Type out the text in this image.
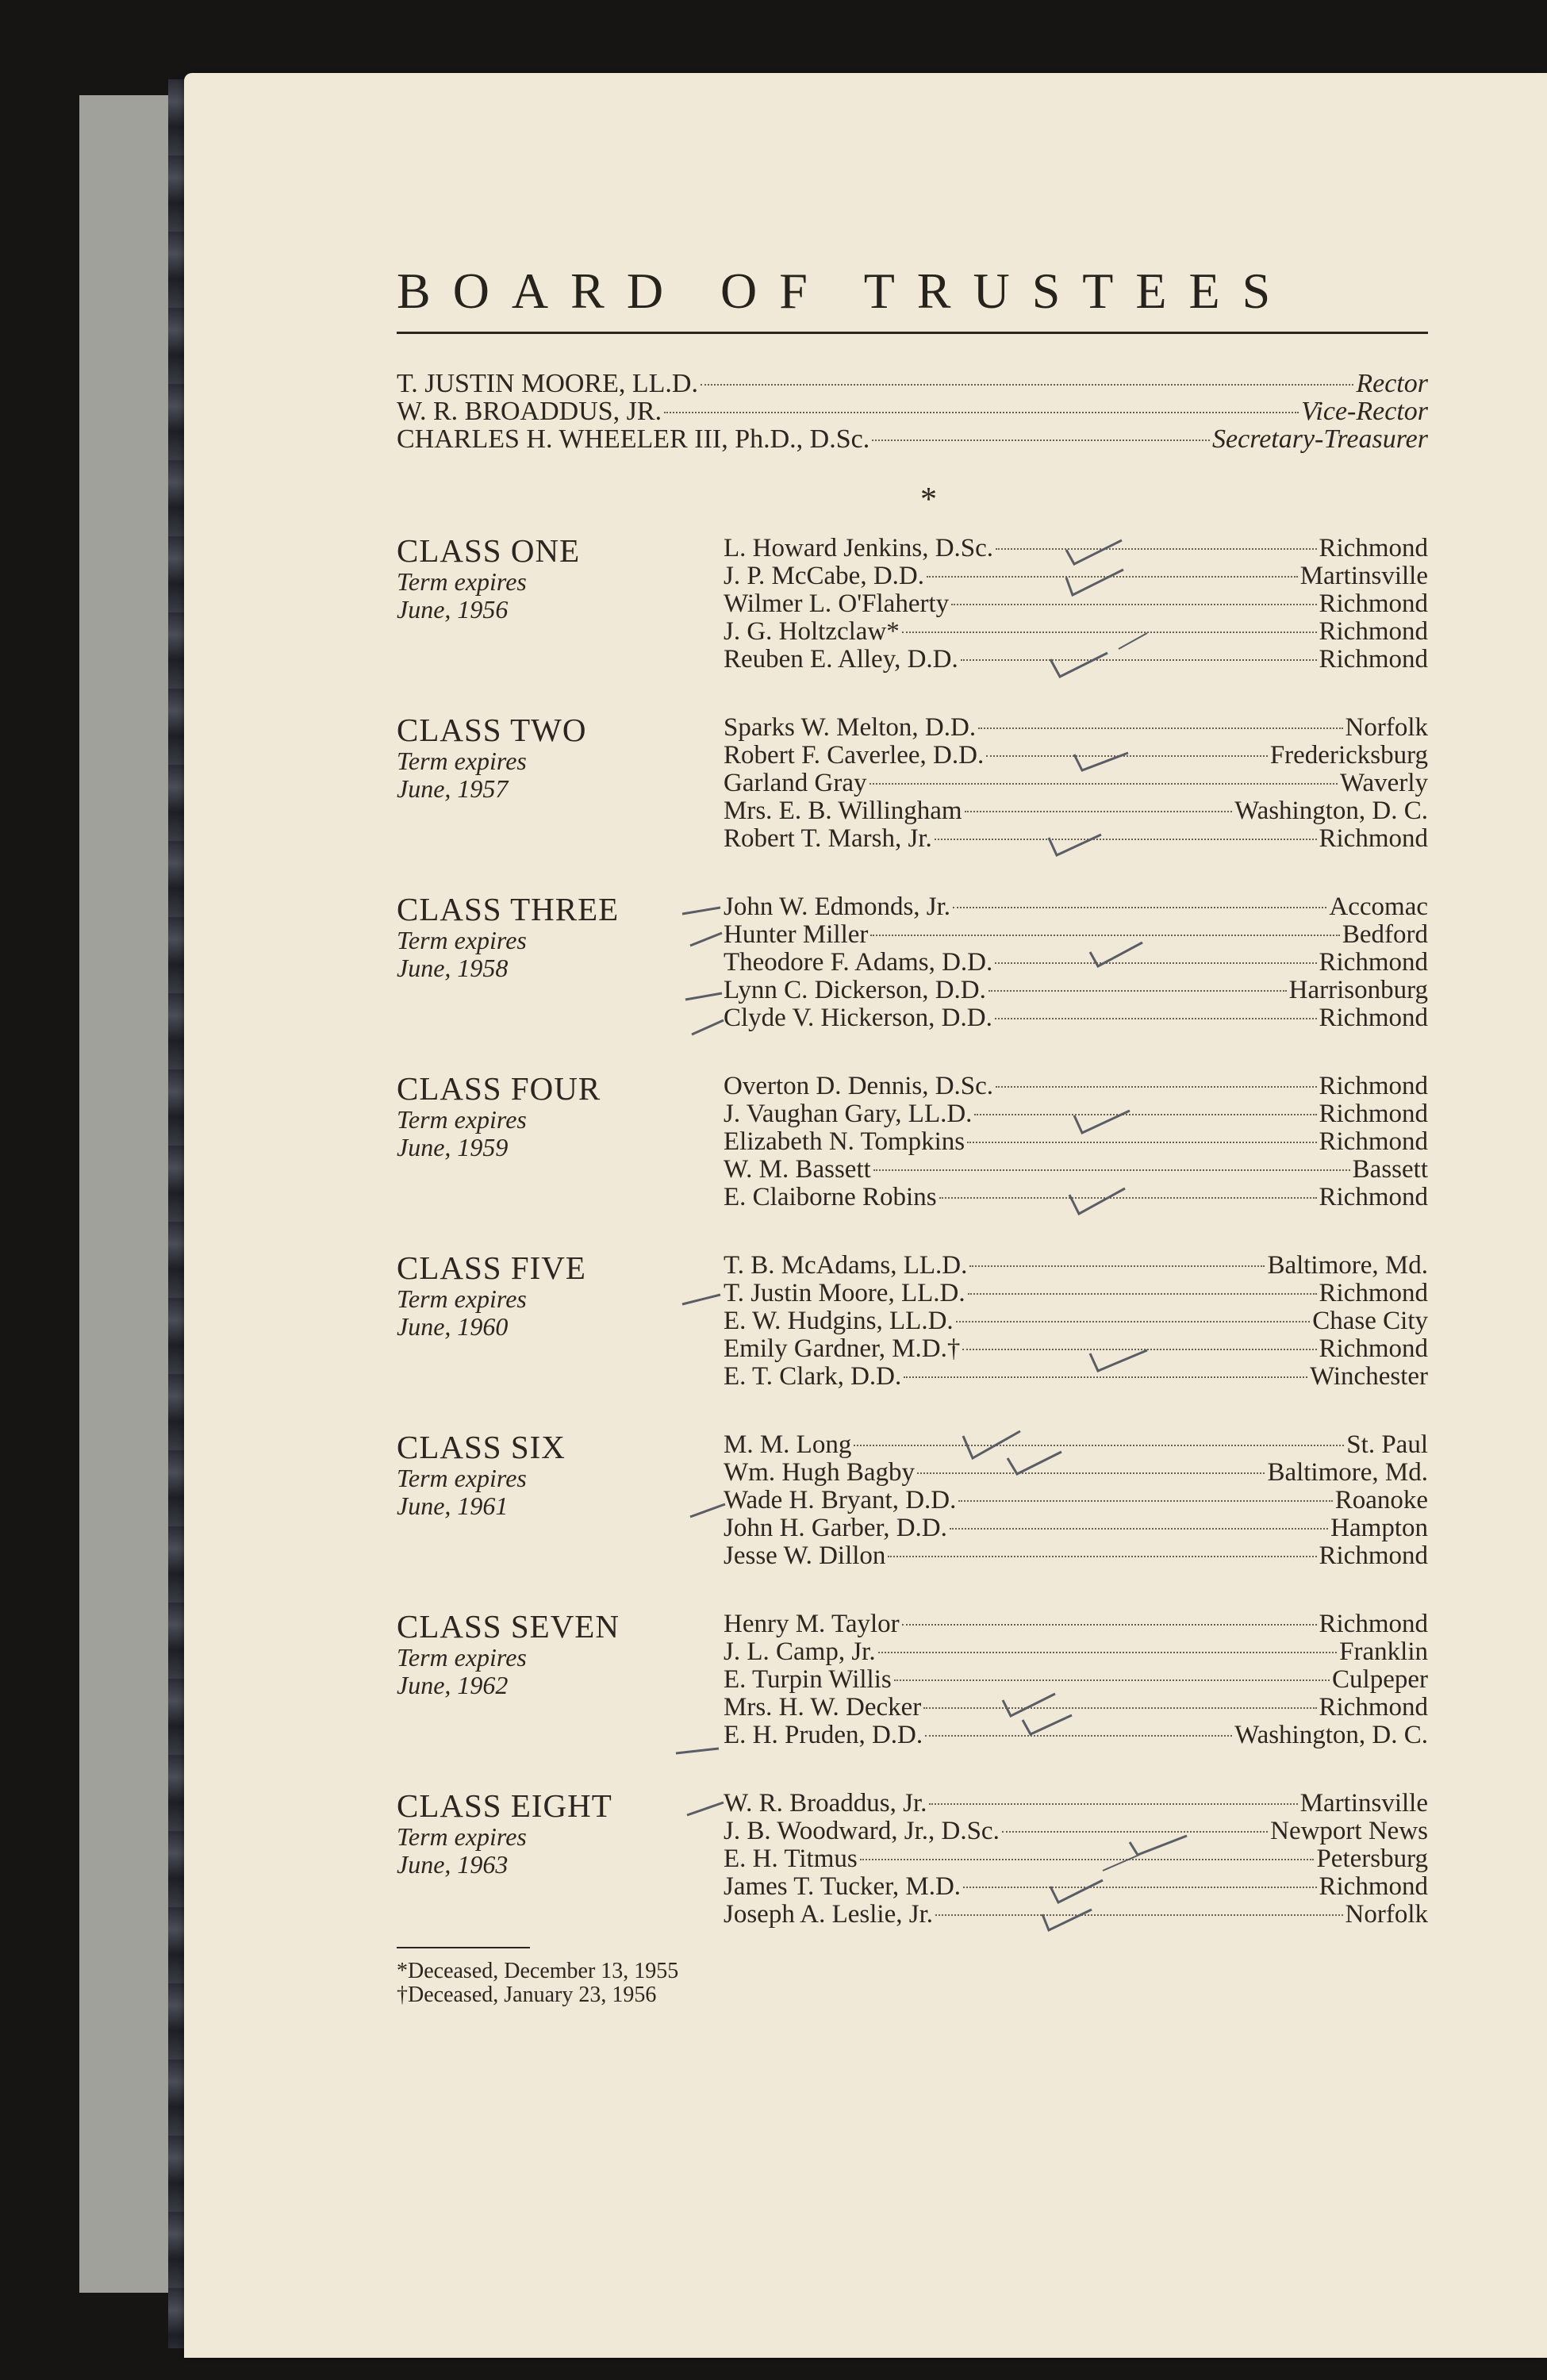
BOARD OF TRUSTEES
T. JUSTIN MOORE, LL.D.	Rector
W. R. BROADDUS, JR.	Vice-Rector
CHARLES H. WHEELER III, Ph.D., D.Sc.	Secretary-Treasurer
*
CLASS ONE
Term expires
June, 1956
L. Howard Jenkins, D.Sc.	Richmond
J. P. McCabe, D.D.	Martinsville
Wilmer L. O'Flaherty	Richmond
J. G. Holtzclaw*	Richmond
Reuben E. Alley, D.D.	Richmond
CLASS TWO
Term expires
June, 1957
Sparks W. Melton, D.D.	Norfolk
Robert F. Caverlee, D.D.	Fredericksburg
Garland Gray	Waverly
Mrs. E. B. Willingham	Washington, D. C.
Robert T. Marsh, Jr.	Richmond
CLASS THREE
Term expires
June, 1958
John W. Edmonds, Jr.	Accomac
Hunter Miller	Bedford
Theodore F. Adams, D.D.	Richmond
Lynn C. Dickerson, D.D.	Harrisonburg
Clyde V. Hickerson, D.D.	Richmond
CLASS FOUR
Term expires
June, 1959
Overton D. Dennis, D.Sc.	Richmond
J. Vaughan Gary, LL.D.	Richmond
Elizabeth N. Tompkins	Richmond
W. M. Bassett	Bassett
E. Claiborne Robins	Richmond
CLASS FIVE
Term expires
June, 1960
T. B. McAdams, LL.D.	Baltimore, Md.
T. Justin Moore, LL.D.	Richmond
E. W. Hudgins, LL.D.	Chase City
Emily Gardner, M.D.†	Richmond
E. T. Clark, D.D.	Winchester
CLASS SIX
Term expires
June, 1961
M. M. Long	St. Paul
Wm. Hugh Bagby	Baltimore, Md.
Wade H. Bryant, D.D.	Roanoke
John H. Garber, D.D.	Hampton
Jesse W. Dillon	Richmond
CLASS SEVEN
Term expires
June, 1962
Henry M. Taylor	Richmond
J. L. Camp, Jr.	Franklin
E. Turpin Willis	Culpeper
Mrs. H. W. Decker	Richmond
E. H. Pruden, D.D.	Washington, D. C.
CLASS EIGHT
Term expires
June, 1963
W. R. Broaddus, Jr.	Martinsville
J. B. Woodward, Jr., D.Sc.	Newport News
E. H. Titmus	Petersburg
James T. Tucker, M.D.	Richmond
Joseph A. Leslie, Jr.	Norfolk
*Deceased, December 13, 1955
†Deceased, January 23, 1956
